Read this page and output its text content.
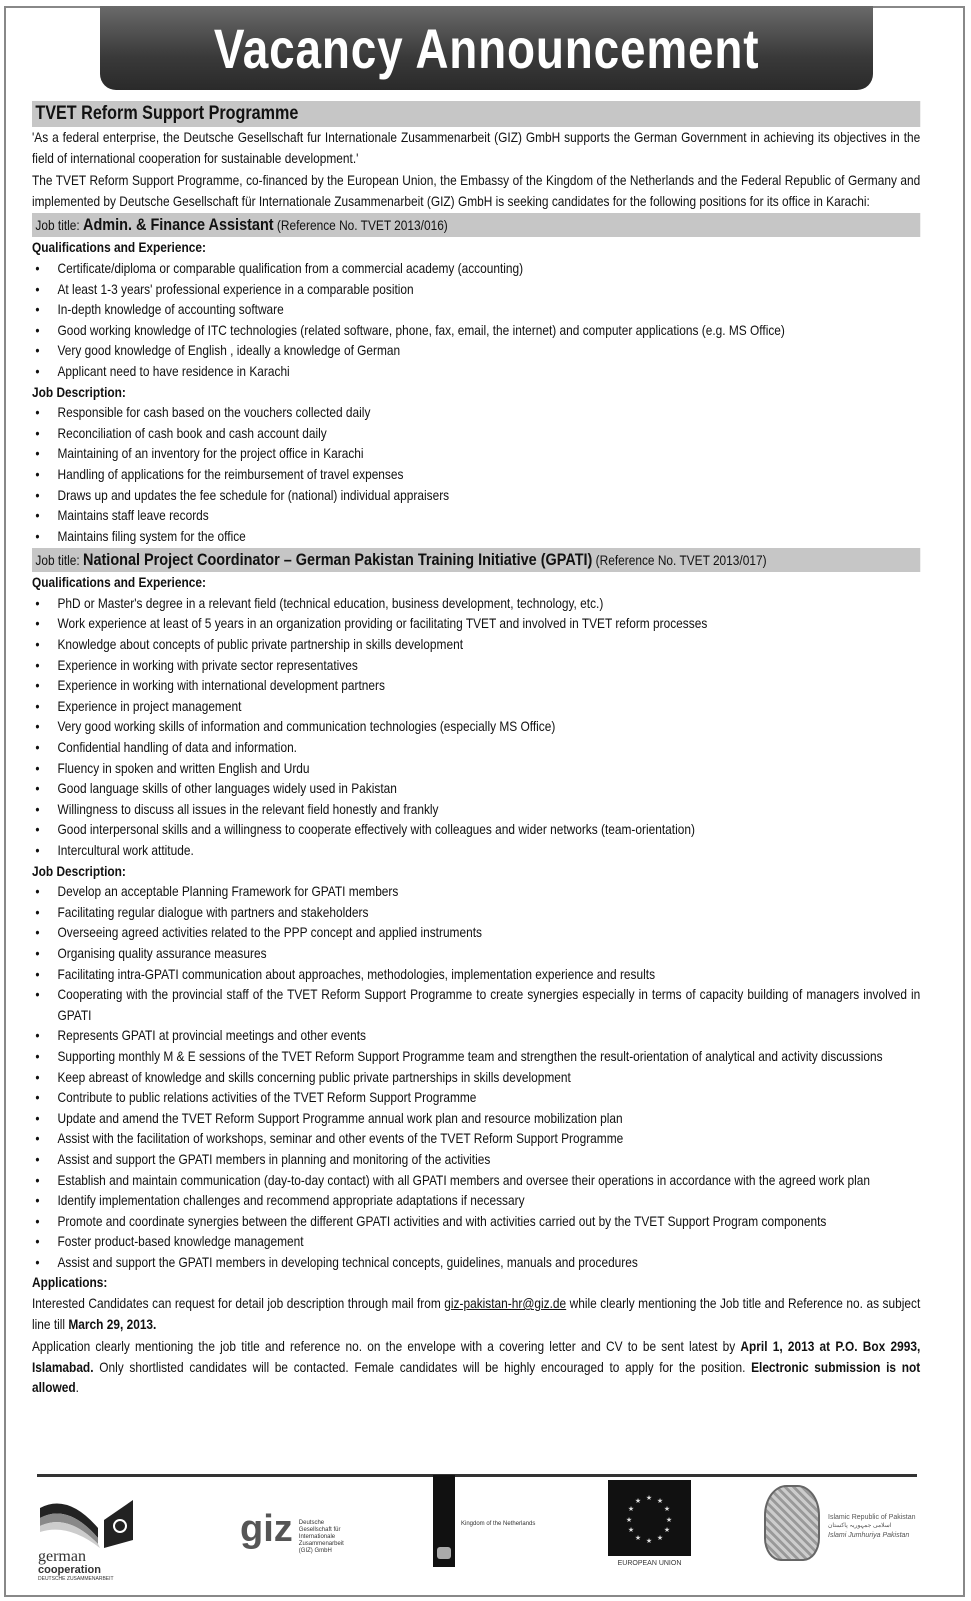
Vacancy Announcement
TVET Reform Support Programme

'As a federal enterprise, the Deutsche Gesellschaft fur Internationale Zusammenarbeit (GIZ) GmbH supports the German Government in achieving its objectives in the field of international cooperation for sustainable development.'

The TVET Reform Support Programme, co-financed by the European Union, the Embassy of the Kingdom of the Netherlands and the Federal Republic of Germany and implemented by Deutsche Gesellschaft für Internationale Zusammenarbeit (GIZ) GmbH is seeking candidates for the following positions for its office in Karachi:

Job title: Admin. & Finance Assistant (Reference No. TVET 2013/016)
Qualifications and Experience:
• Certificate/diploma or comparable qualification from a commercial academy (accounting)
• At least 1-3 years' professional experience in a comparable position
• In-depth knowledge of accounting software
• Good working knowledge of ITC technologies (related software, phone, fax, email, the internet) and computer applications (e.g. MS Office)
• Very good knowledge of English , ideally a knowledge of German
• Applicant need to have residence in Karachi
Job Description:
• Responsible for cash based on the vouchers collected daily
• Reconciliation of cash book and cash account daily
• Maintaining of an inventory for the project office in Karachi
• Handling of applications for the reimbursement of travel expenses
• Draws up and updates the fee schedule for (national) individual appraisers
• Maintains staff leave records
• Maintains filing system for the office
Job title: National Project Coordinator – German Pakistan Training Initiative (GPATI) (Reference No. TVET 2013/017)
Qualifications and Experience:
• PhD or Master's degree in a relevant field (technical education, business development, technology, etc.)
• Work experience at least of 5 years in an organization providing or facilitating TVET and involved in TVET reform processes
• Knowledge about concepts of public private partnership in skills development
• Experience in working with private sector representatives
• Experience in working with international development partners
• Experience in project management
• Very good working skills of information and communication technologies (especially MS Office)
• Confidential handling of data and information.
• Fluency in spoken and written English and Urdu
• Good language skills of other languages widely used in Pakistan
• Willingness to discuss all issues in the relevant field honestly and frankly
• Good interpersonal skills and a willingness to cooperate effectively with colleagues and wider networks (team-orientation)
• Intercultural work attitude.
Job Description:
• Develop an acceptable Planning Framework for GPATI members
• Facilitating regular dialogue with partners and stakeholders
• Overseeing agreed activities related to the PPP concept and applied instruments
• Organising quality assurance measures
• Facilitating intra-GPATI communication about approaches, methodologies, implementation experience and results
• Cooperating with the provincial staff of the TVET Reform Support Programme to create synergies especially in terms of capacity building of managers involved in GPATI
• Represents GPATI at provincial meetings and other events
• Supporting monthly M & E sessions of the TVET Reform Support Programme team and strengthen the result-orientation of analytical and activity discussions
• Keep abreast of knowledge and skills concerning public private partnerships in skills development
• Contribute to public relations activities of the TVET Reform Support Programme
• Update and amend the TVET Reform Support Programme annual work plan and resource mobilization plan
• Assist with the facilitation of workshops, seminar and other events of the TVET Reform Support Programme
• Assist and support the GPATI members in planning and monitoring of the activities
• Establish and maintain communication (day-to-day contact) with all GPATI members and oversee their operations in accordance with the agreed work plan
• Identify implementation challenges and recommend appropriate adaptations if necessary
• Promote and coordinate synergies between the different GPATI activities and with activities carried out by the TVET Support Program components
• Foster product-based knowledge management
• Assist and support the GPATI members in developing technical concepts, guidelines, manuals and procedures
Applications:

Interested Candidates can request for detail job description through mail from giz-pakistan-hr@giz.de while clearly mentioning the Job title and Reference no. as subject line till March 29, 2013.

Application clearly mentioning the job title and reference no. on the envelope with a covering letter and CV to be sent latest by April 1, 2013 at P.O. Box 2993, Islamabad. Only shortlisted candidates will be contacted. Female candidates will be highly encouraged to apply for the position. Electronic submission is not allowed.

german
cooperation
DEUTSCHE ZUSAMMENARBEIT
giz Deutsche Gesellschaft für Internationale Zusammenarbeit (GIZ) GmbH
Kingdom of the Netherlands
★ ★
★
★
★
★
★
★
★
★
★
★
EUROPEAN UNION
Islamic Republic of Pakistan
اسلامی جمہوریہ پاکستان
Islami Jumhuriya Pakistan
